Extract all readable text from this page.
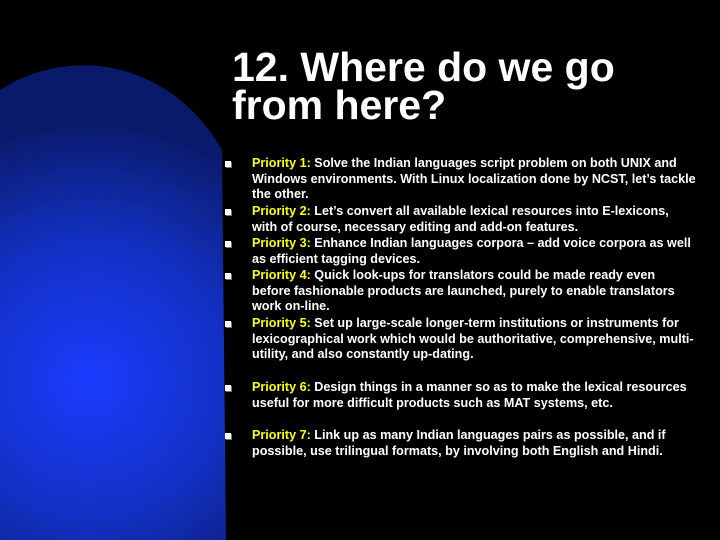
12. Where do we go from here?
Priority 1: Solve the Indian languages script problem on both UNIX and Windows environments. With Linux localization done by NCST, let’s tackle the other.
Priority 2: Let’s convert all available lexical resources into E-lexicons, with of course, necessary editing and add-on features.
Priority 3: Enhance Indian languages corpora – add voice corpora as well as efficient tagging devices.
Priority 4: Quick look-ups for translators could be made ready even before fashionable products are launched, purely to enable translators work on-line.
Priority 5: Set up large-scale longer-term institutions or instruments for lexicographical work which would be authoritative, comprehensive, multi-utility, and also constantly up-dating.
Priority 6: Design things in a manner so as to make the lexical resources useful for more difficult products such as MAT systems, etc.
Priority 7: Link up as many Indian languages pairs as possible, and if possible, use trilingual formats, by involving both English and Hindi.
